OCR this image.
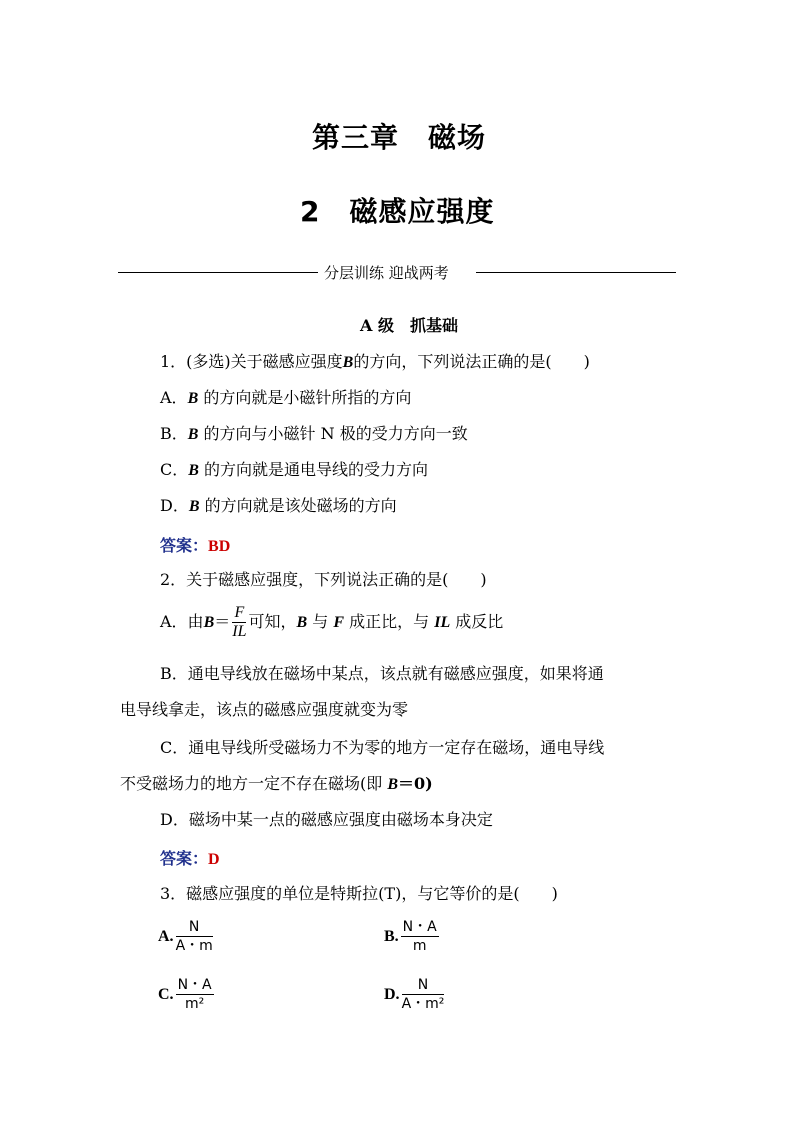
第三章　磁场
2　磁感应强度
分层训练 迎战两考
A 级　抓基础
1．(多选)关于磁感应强度B的方向，下列说法正确的是(　　)
A．B 的方向就是小磁针所指的方向
B．B 的方向与小磁针 N 极的受力方向一致
C．B 的方向就是通电导线的受力方向
D．B 的方向就是该处磁场的方向
答案：BD
2．关于磁感应强度，下列说法正确的是(　　)
A．由$B= \frac{F}{IL}$ 可知，B 与 F 成正比，与 IL 成反比
B．通电导线放在磁场中某点，该点就有磁感应强度，如果将通
电导线拿走，该点的磁感应强度就变为零
C．通电导线所受磁场力不为零的地方一定存在磁场，通电导线
不受磁场力的地方一定不存在磁场(即 B＝0)
D．磁场中某一点的磁感应强度由磁场本身决定
答案：D
3．磁感应强度的单位是特斯拉(T)，与它等价的是(　　)
A. $\frac{N}{A・m}$	B. $\frac{N・A}{m}$
C. $\frac{N・A}{\text{m²}}$	D. $\frac{N}{\text{A・m²}}$
